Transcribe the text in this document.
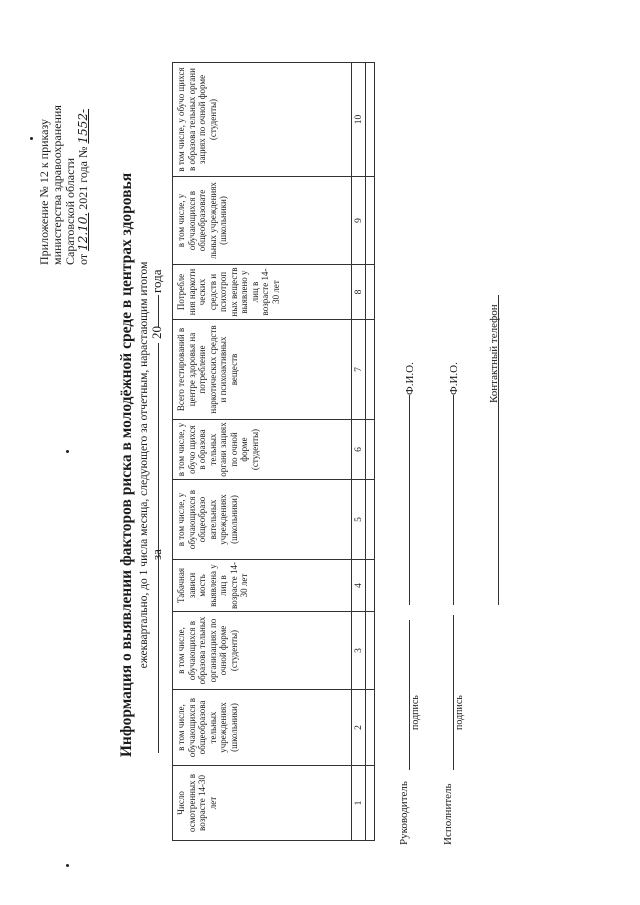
Приложение № 12 к приказу министерства здравоохранения Саратовской области от 12.10. 2021 года № 1552-
Информация о выявлении факторов риска в молодёжной среде в центрах здоровья ежеквартально, до 1 числа месяца, следующего за отчетным, нарастающим итогом за
20
года
Число осмотренных в возрасте 14-30 лет	в том числе, обучающихся в общеобразова тельных учреждениях (школьники)	в том числе, обучающихся в образова тельных организациях по очной форме (студенты)	Табачная зависи мость выявлена у лиц в возрасте 14-30 лет	в том числе, у обучающихся в общеобразо вательных учреждениях (школьники)	в том числе, у обучо щихся в образова тельных органи зациях по очной форме (студенты)	Всего тестирований в центре здоровья на потребление наркотических средств и психоактивных веществ	Потребле ния наркоти ческих средств и психотроп ных веществ выявлено у лиц в возрасте 14-30 лет	в том числе, у обучающихся в общеобразовате льных учреждениях (школьники)	в том числе, у обучо щихся в образова тельных органи зациях по очной форме (студенты)
1	2	3	4	5	6	7	8	9	10

Руководитель
подпись
Ф.И.О.
Исполнитель
подпись
Ф.И.О.	Контактный телефон
